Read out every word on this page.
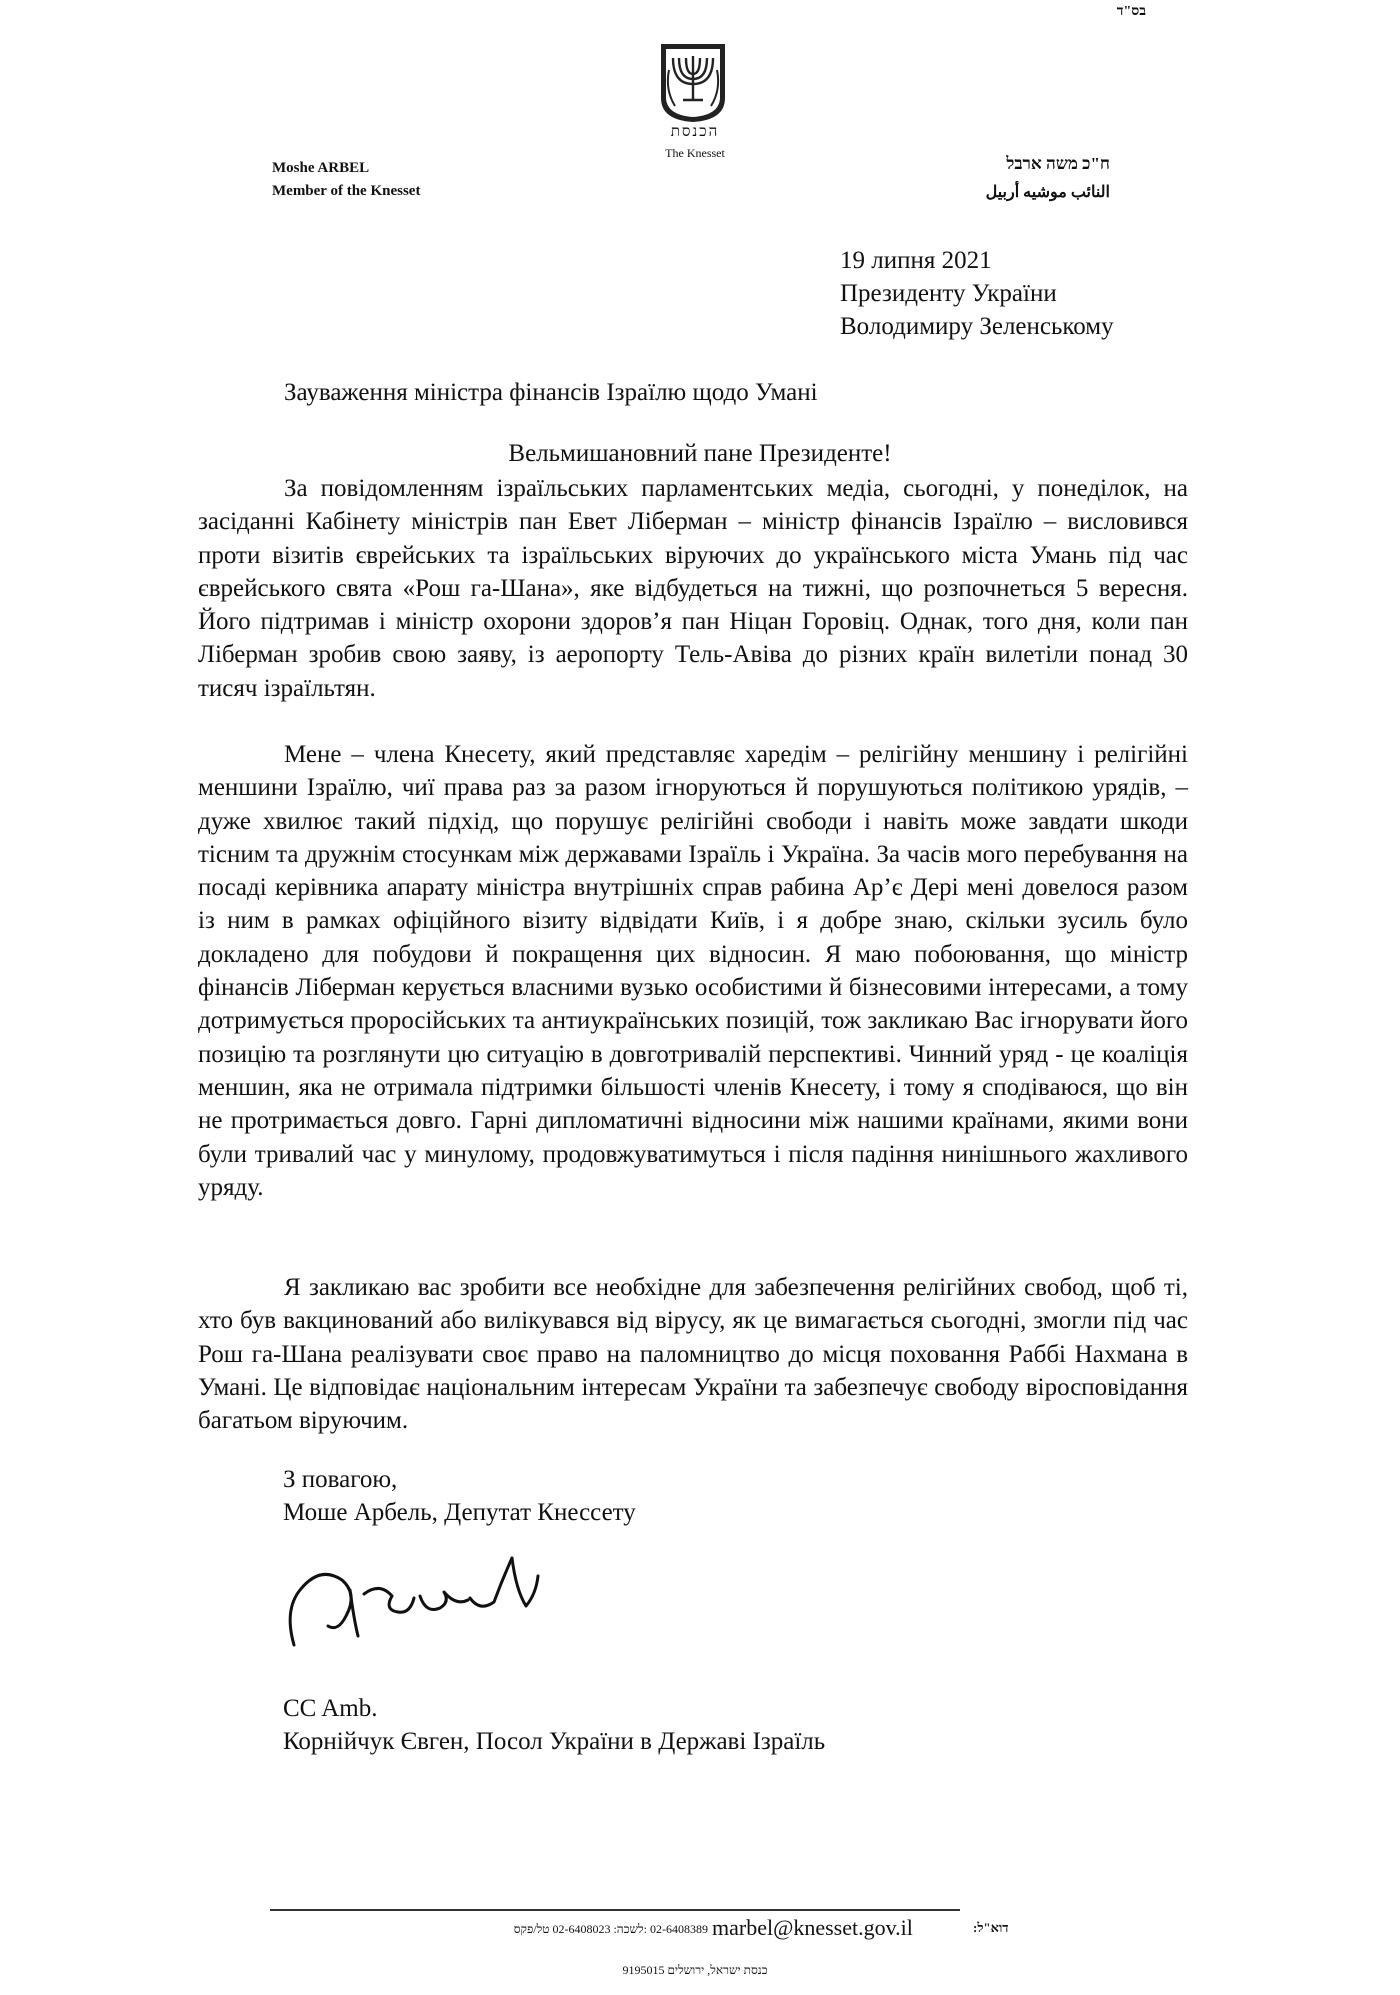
בס"ד
הכנסת
The Knesset
Moshe ARBEL
Member of the Knesset
ח"כ משה ארבל
النائب موشيه أربيل
19 липня 2021
Президенту України
Володимиру Зеленському
Зауваження міністра фінансів Ізраїлю щодо Умані
Вельмишановний пане Президенте!

За повідомленням ізраїльських парламентських медіа, сьогодні, у понеділок, на засіданні Кабінету міністрів пан Евет Ліберман – міністр фінансів Ізраїлю – висловився проти візитів єврейських та ізраїльських віруючих до українського міста Умань під час єврейського свята «Рош га-Шана», яке відбудеться на тижні, що розпочнеться 5 вересня. Його підтримав і міністр охорони здоров’я пан Ніцан Горовіц. Однак, того дня, коли пан Ліберман зробив свою заяву, із аеропорту Тель-Авіва до різних країн вилетіли понад 30 тисяч ізраїльтян.

Мене – члена Кнесету, який представляє харедім – релігійну меншину і релігійні меншини Ізраїлю, чиї права раз за разом ігноруються й порушуються політикою урядів, – дуже хвилює такий підхід, що порушує релігійні свободи і навіть може завдати шкоди тісним та дружнім стосункам між державами Ізраїль і Україна. За часів мого перебування на посаді керівника апарату міністра внутрішніх справ рабина Ар’є Дері мені довелося разом із ним в рамках офіційного візиту відвідати Київ, і я добре знаю, скільки зусиль було докладено для побудови й покращення цих відносин. Я маю побоювання, що міністр фінансів Ліберман керується власними вузько особистими й бізнесовими інтересами, а тому дотримується проросійських та антиукраїнських позицій, тож закликаю Вас ігнорувати його позицію та розглянути цю ситуацію в довготривалій перспективі. Чинний уряд - це коаліція меншин, яка не отримала підтримки більшості членів Кнесету, і тому я сподіваюся, що він не протримається довго. Гарні дипломатичні відносини між нашими країнами, якими вони були тривалий час у минулому, продовжуватимуться і після падіння нинішнього жахливого уряду.

Я закликаю вас зробити все необхідне для забезпечення релігійних свобод, щоб ті, хто був вакцинований або вилікувався від вірусу, як це вимагається сьогодні, змогли під час Рош га-Шана реалізувати своє право на паломництво до місця поховання Раббі Нахмана в Умані. Це відповідає національним інтересам України та забезпечує свободу віросповідання багатьом віруючим.

З повагою,
Моше Арбель, Депутат Кнессету
CC Amb.
Корнійчук Євген, Посол України в Державі Ізраїль
02-6408389 :לשכה: 02-6408023 טל/פקס marbel@knesset.gov.il	דוא"ל:
כנסת ישראל, ירושלים 9195015
